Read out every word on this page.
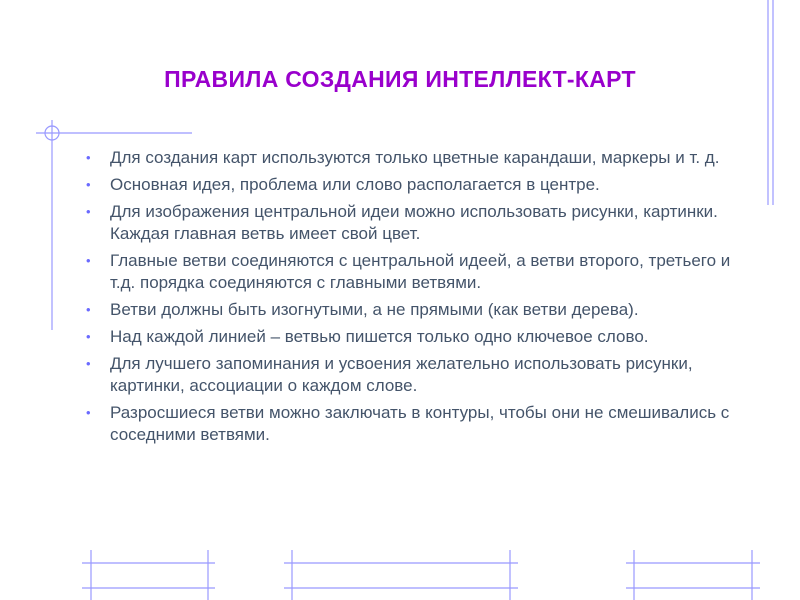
ПРАВИЛА СОЗДАНИЯ ИНТЕЛЛЕКТ-КАРТ
• Для создания карт используются только цветные карандаши, маркеры и т. д.
• Основная идея, проблема или слово располагается в центре.
• Для изображения центральной идеи можно использовать рисунки, картинки. Каждая главная ветвь имеет свой цвет.
• Главные ветви соединяются с центральной идеей, а ветви второго, третьего и т.д. порядка соединяются с главными ветвями.
• Ветви должны быть изогнутыми, а не прямыми (как ветви дерева).
• Над каждой линией – ветвью пишется только одно ключевое слово.
• Для лучшего запоминания и усвоения желательно использовать рисунки, картинки, ассоциации о каждом слове.
• Разросшиеся ветви можно заключать в контуры, чтобы они не смешивались с соседними ветвями.
